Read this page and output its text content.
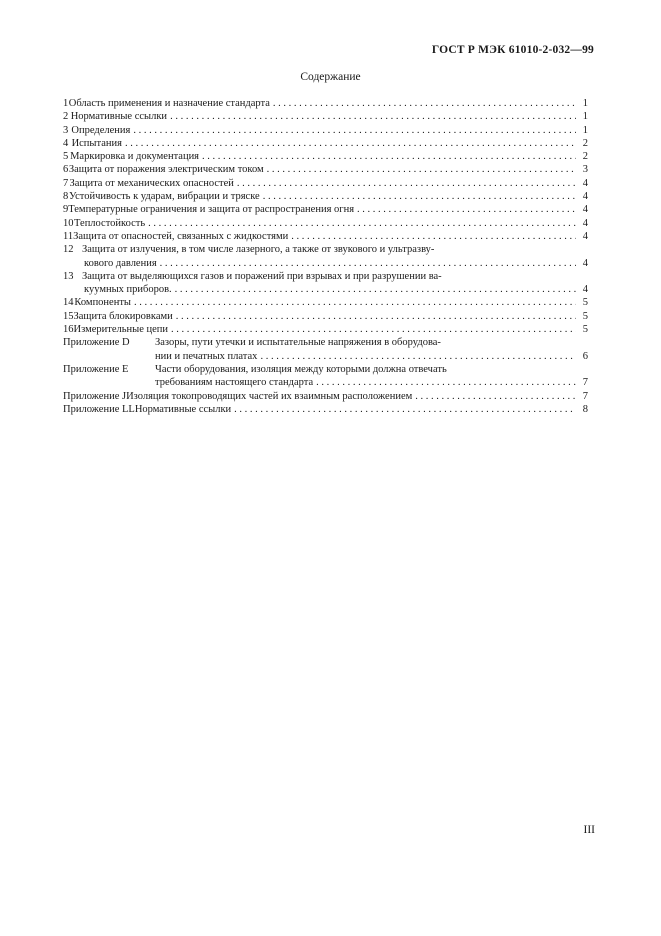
ГОСТ Р МЭК 61010-2-032—99
Содержание
1 Область применения и назначение стандарта . . .	1
2 Нормативные ссылки . . .	1
3 Определения . . .	1
4 Испытания . . .	2
5 Маркировка и документация . . .	2
6 Защита от поражения электрическим током . . .	3
7 Защита от механических опасностей . . .	4
8 Устойчивость к ударам, вибрации и тряске . . .	4
9 Температурные ограничения и защита от распространения огня . . .	4
10 Теплостойкость . . .	4
11 Защита от опасностей, связанных с жидкостями . . .	4
12 Защита от излучения, в том числе лазерного, а также от звукового и ультразву-
кового давления . . .	4
13 Защита от выделяющихся газов и поражений при взрывах и при разрушении ва-
куумных приборов. . . .	4
14 Компоненты . . .	5
15 Защита блокировками . . .	5
16 Измерительные цепи . . .	5
Приложение D	Зазоры, пути утечки и испытательные напряжения в оборудова-
нии и печатных платах . . .	6
Приложение E	Части оборудования, изоляция между которыми должна отвечать
требованиям настоящего стандарта . . .	7
Приложение J Изоляция токопроводящих частей их взаимным расположением . . .	7
Приложение LL Нормативные ссылки . . .	8
III
